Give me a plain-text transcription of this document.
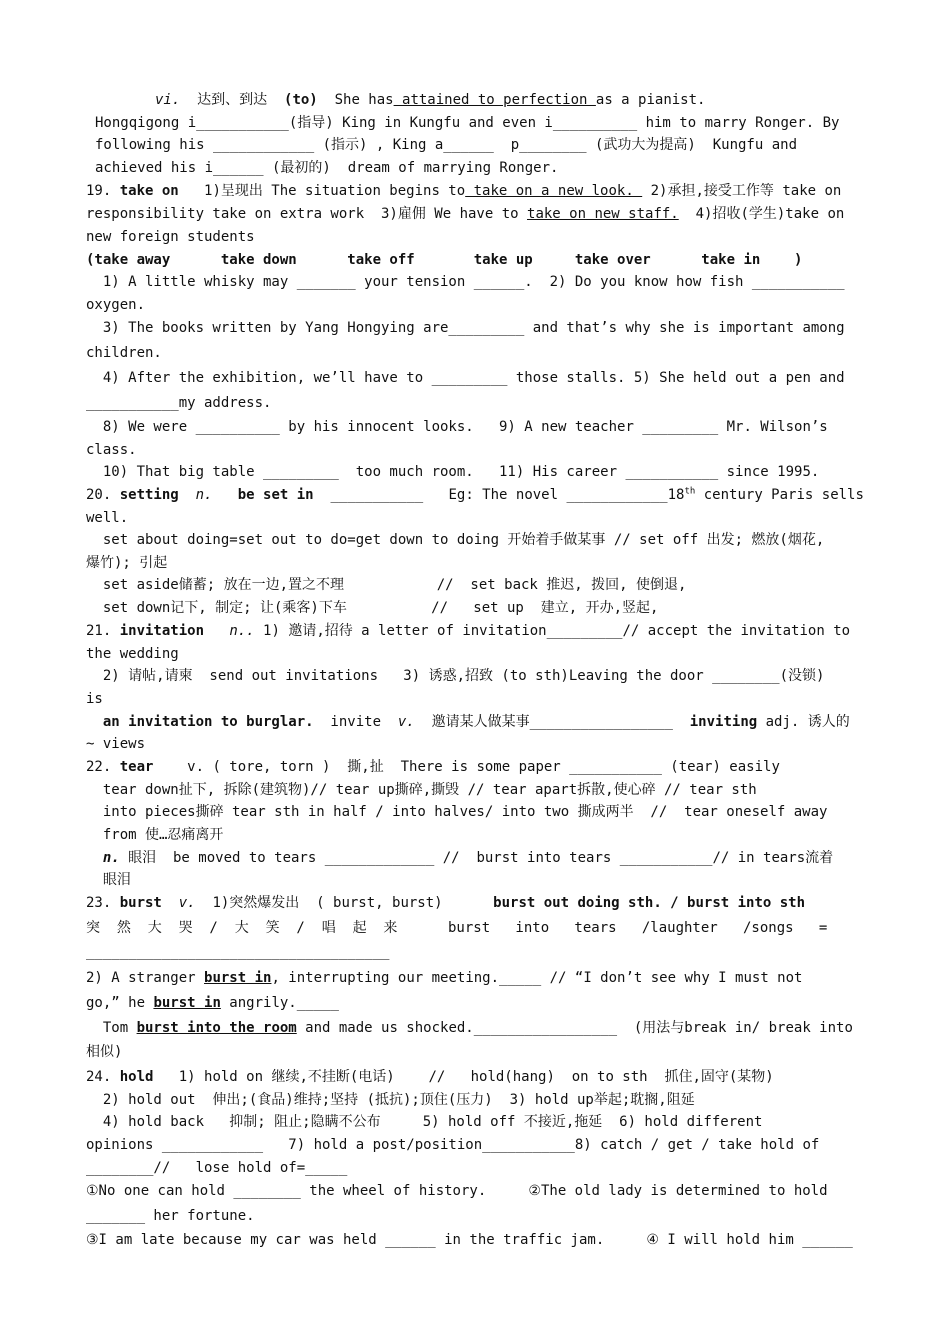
vi.  达到、到达  (to)  She has attained to perfection as a pianist.
Hongqigong i___________(指导) King in Kungfu and even i__________ him to marry Ronger. By
following his ____________ (指示) , King a______  p________ (武功大为提高)  Kungfu and
achieved his i______ (最初的)  dream of marrying Ronger.
19. take on   1)呈现出 The situation begins to take on a new look.  2)承担,接受工作等 take on
responsibility take on extra work  3)雇佣 We have to take on new staff.  4)招收(学生)take on
new foreign students
(take away      take down      take off       take up     take over      take in    )
1) A little whisky may _______ your tension ______.  2) Do you know how fish ___________
oxygen.
3) The books written by Yang Hongying are_________ and that’s why she is important among
children.
4) After the exhibition, we’ll have to _________ those stalls. 5) She held out a pen and
___________my address.
8) We were __________ by his innocent looks.   9) A new teacher _________ Mr. Wilson’s
class.
10) That big table _________  too much room.   11) His career ___________ since 1995.
20. setting n. be set in  ___________   Eg: The novel ____________18th century Paris sells
well.
set about doing=set out to do=get down to doing 开始着手做某事 // set off 出发; 燃放(烟花,
爆竹); 引起
set aside储蓄; 放在一边,置之不理           //  set back 推迟, 拨回, 使倒退,
set down记下, 制定; 让(乘客)下车          //   set up  建立, 开办,竖起,
21. invitation n.. 1) 邀请,招待 a letter of invitation_________// accept the invitation to
the wedding
2) 请帖,请柬  send out invitations   3) 诱惑,招致 (to sth)Leaving the door ________(没锁)
is
an invitation to burglar.  invite  v.  邀请某人做某事_________________  inviting adj. 诱人的
~ views
22. tear    v. ( tore, torn )  撕,扯  There is some paper ___________ (tear) easily
tear down扯下, 拆除(建筑物)// tear up撕碎,撕毁 // tear apart拆散,使心碎 // tear sth
into pieces撕碎 tear sth in half / into halves/ into two 撕成两半  //  tear oneself away
from 使…忍痛离开
n. 眼泪  be moved to tears _____________ //  burst into tears ___________// in tears流着
眼泪
23. burst v.  1)突然爆发出  ( burst, burst)      burst out doing sth. / burst into sth
突  然  大  哭  /  大  笑  /  唱  起  来      burst   into   tears   /laughter   /songs   =
____________________________________
2) A stranger burst in, interrupting our meeting._____ // “I don’t see why I must not
go,” he burst in angrily._____
Tom burst into the room and made us shocked._________________  (用法与break in/ break into
相似)
24. hold   1) hold on 继续,不挂断(电话)    //   hold(hang)  on to sth  抓住,固守(某物)
2) hold out  伸出;(食品)维持;坚持 (抵抗);顶住(压力)  3) hold up举起;耽搁,阻延
4) hold back   抑制; 阻止;隐瞒不公布     5) hold off 不接近,拖延  6) hold different
opinions ____________   7) hold a post/position___________8) catch / get / take hold of
________//   lose hold of=_____
①No one can hold ________ the wheel of history.     ②The old lady is determined to hold
_______ her fortune.
③I am late because my car was held ______ in the traffic jam.     ④ I will hold him ______
